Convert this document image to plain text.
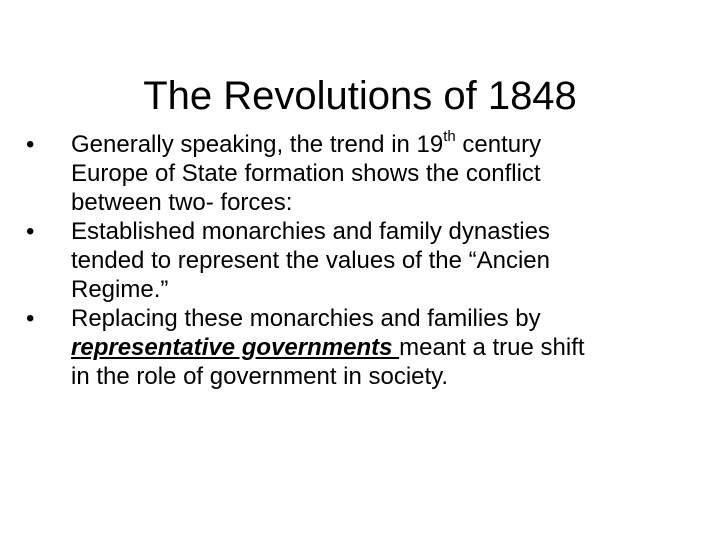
The Revolutions of 1848
•	Generally speaking, the trend in 19th century
Europe of State formation shows the conflict
between two- forces:
•	Established monarchies and family dynasties
tended to represent the values of the “Ancien
Regime.”
•	Replacing these monarchies and families by
representative governments meant a true shift
in the role of government in society.
